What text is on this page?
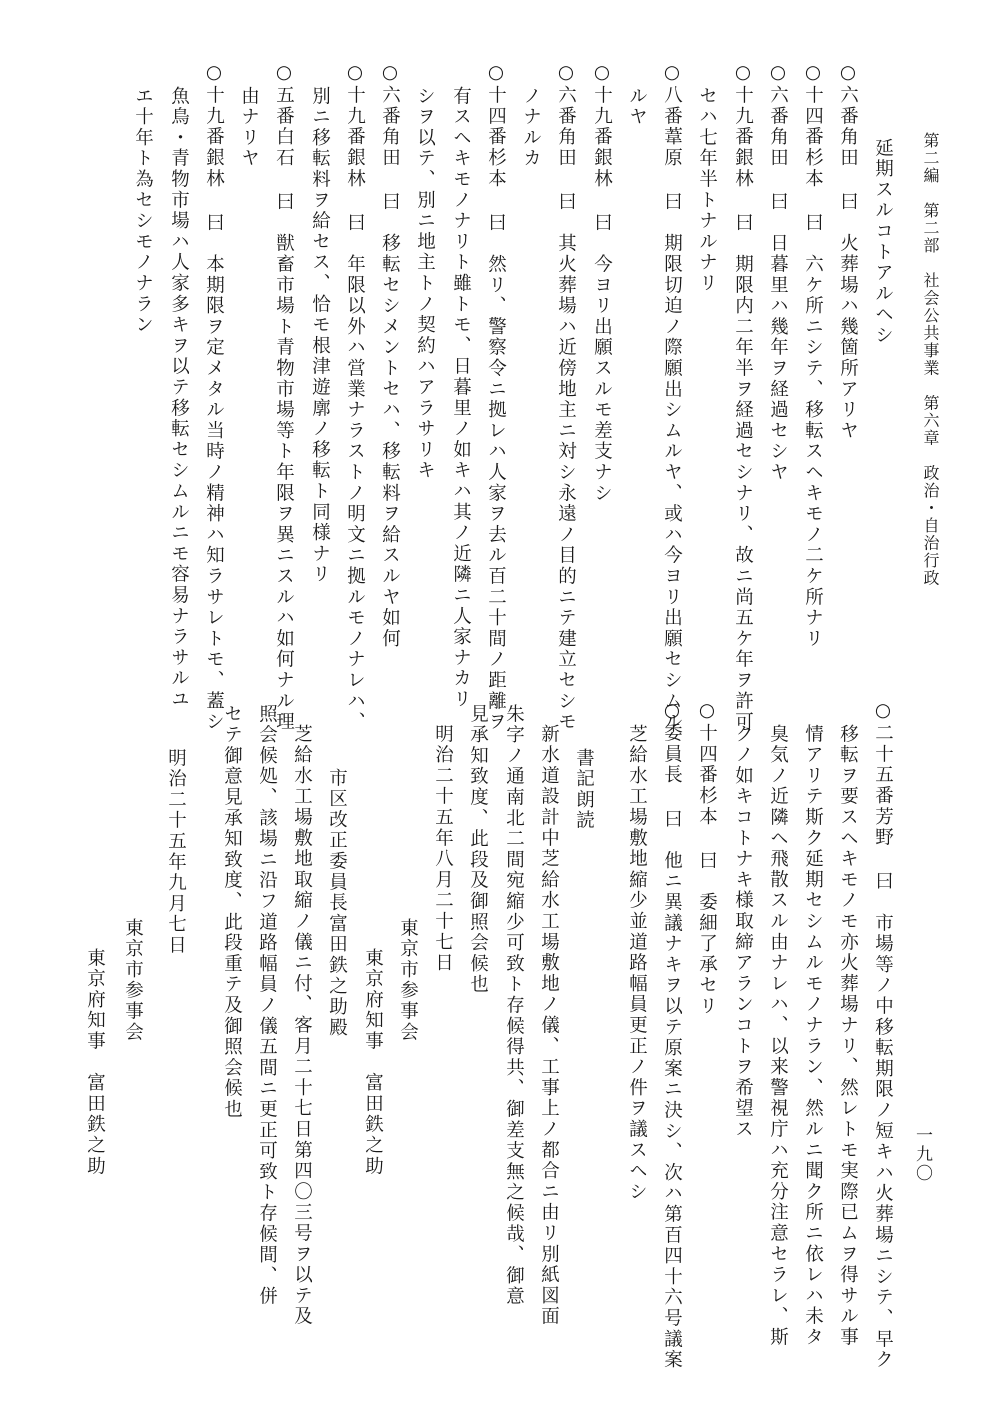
第二編　第二部　社会公共事業　第六章　政治・自治行政
一九〇
延期スルコトアルヘシ
○六番角田 曰　火葬場ハ幾箇所アリヤ
○十四番杉本 曰　六ケ所ニシテ、移転スヘキモノ二ケ所ナリ
○六番角田 曰　日暮里ハ幾年ヲ経過セシヤ
○十九番銀林 曰　期限内二年半ヲ経過セシナリ、故ニ尚五ケ年ヲ許可
セハ七年半トナルナリ
○八番葦原 曰　期限切迫ノ際願出シムルヤ、或ハ今ヨリ出願セシムル
ルヤ
○十九番銀林 曰　今ヨリ出願スルモ差支ナシ
○六番角田 曰　其火葬場ハ近傍地主ニ対シ永遠ノ目的ニテ建立セシモ
ノナルカ
○十四番杉本 曰　然リ、警察令ニ拠レハ人家ヲ去ル百二十間ノ距離ヲ
有スヘキモノナリト雖トモ、日暮里ノ如キハ其ノ近隣ニ人家ナカリ
シヲ以テ、別ニ地主トノ契約ハアラサリキ
○六番角田 曰　移転セシメントセハ、移転料ヲ給スルヤ如何
○十九番銀林 曰　年限以外ハ営業ナラストノ明文ニ拠ルモノナレハ、
別ニ移転料ヲ給セス、恰モ根津遊廓ノ移転ト同様ナリ
○五番白石 曰　獣畜市場ト青物市場等ト年限ヲ異ニスルハ如何ナル理
由ナリヤ
○十九番銀林 曰　本期限ヲ定メタル当時ノ精神ハ知ラサレトモ、蓋シ
魚鳥・青物市場ハ人家多キヲ以テ移転セシムルニモ容易ナラサルユ
エ十年ト為セシモノナラン
○二十五番芳野 曰　市場等ノ中移転期限ノ短キハ火葬場ニシテ、早ク
移転ヲ要スヘキモノモ亦火葬場ナリ、然レトモ実際已ムヲ得サル事
情アリテ斯ク延期セシムルモノナラン、然ルニ聞ク所ニ依レハ未タ
臭気ノ近隣ヘ飛散スル由ナレハ、以来警視庁ハ充分注意セラレ、斯
クノ如キコトナキ様取締アランコトヲ希望ス
○十四番杉本 曰　委細了承セリ
○委員長 曰　他ニ異議ナキヲ以テ原案ニ決シ、次ハ第百四十六号議案
芝給水工場敷地縮少並道路幅員更正ノ件ヲ議スヘシ
書記朗読
新水道設計中芝給水工場敷地ノ儀、工事上ノ都合ニ由リ別紙図面
朱字ノ通南北二間宛縮少可致ト存候得共、御差支無之候哉、御意
見承知致度、此段及御照会候也
明治二十五年八月二十七日
東京市参事会
東京府知事　富田鉄之助
市区改正委員長富田鉄之助殿
芝給水工場敷地取縮ノ儀ニ付、客月二十七日第四〇三号ヲ以テ及
照会候処、該場ニ沿フ道路幅員ノ儀五間ニ更正可致ト存候間、併
セテ御意見承知致度、此段重テ及御照会候也
明治二十五年九月七日
東京市参事会
東京府知事　富田鉄之助
